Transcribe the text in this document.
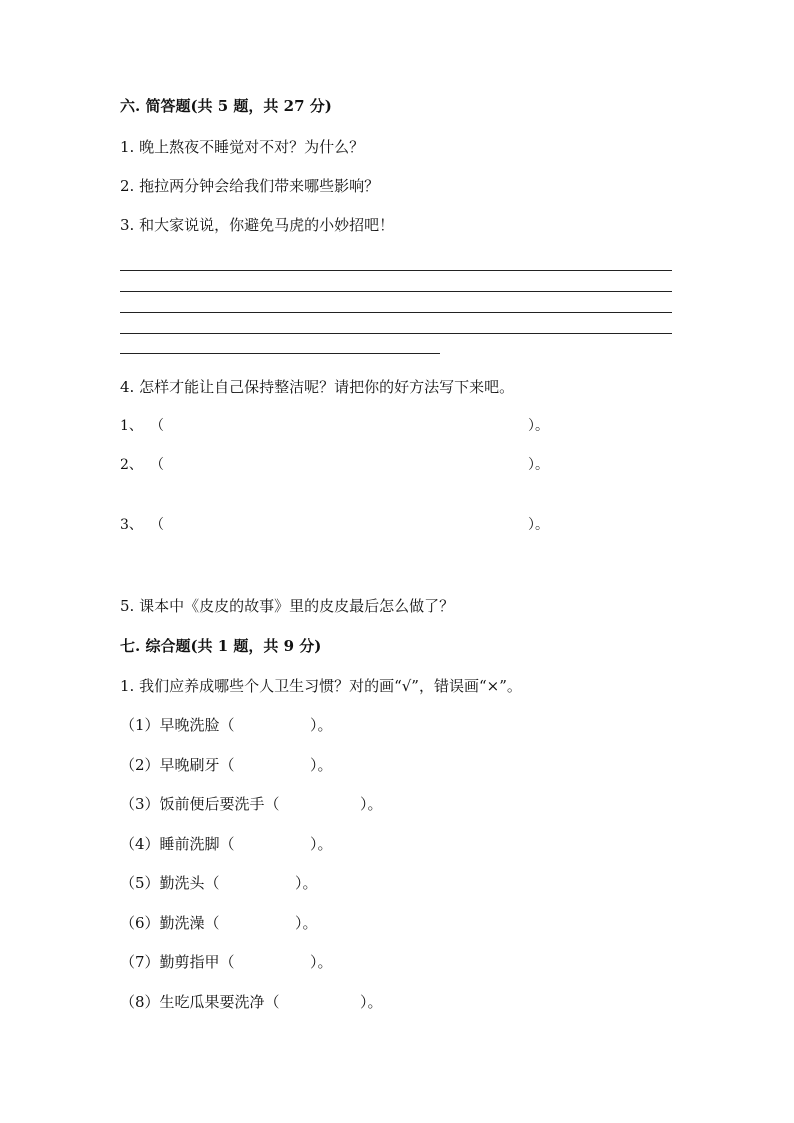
六. 简答题(共 5 题，共 27 分)
1. 晚上熬夜不睡觉对不对？为什么？
2. 拖拉两分钟会给我们带来哪些影响？
3. 和大家说说，你避免马虎的小妙招吧！
4. 怎样才能让自己保持整洁呢？请把你的好方法写下来吧。
1、 （	）。
2、 （	）。
3、 （	）。
5. 课本中《皮皮的故事》里的皮皮最后怎么做了？
七. 综合题(共 1 题，共 9 分)
1. 我们应养成哪些个人卫生习惯？对的画“√”，错误画“×”。
（1）早晚洗脸（	）。
（2）早晚刷牙（	）。
（3）饭前便后要洗手（	）。
（4）睡前洗脚（	）。
（5）勤洗头（	）。
（6）勤洗澡（	）。
（7）勤剪指甲（	）。
（8）生吃瓜果要洗净（	）。
